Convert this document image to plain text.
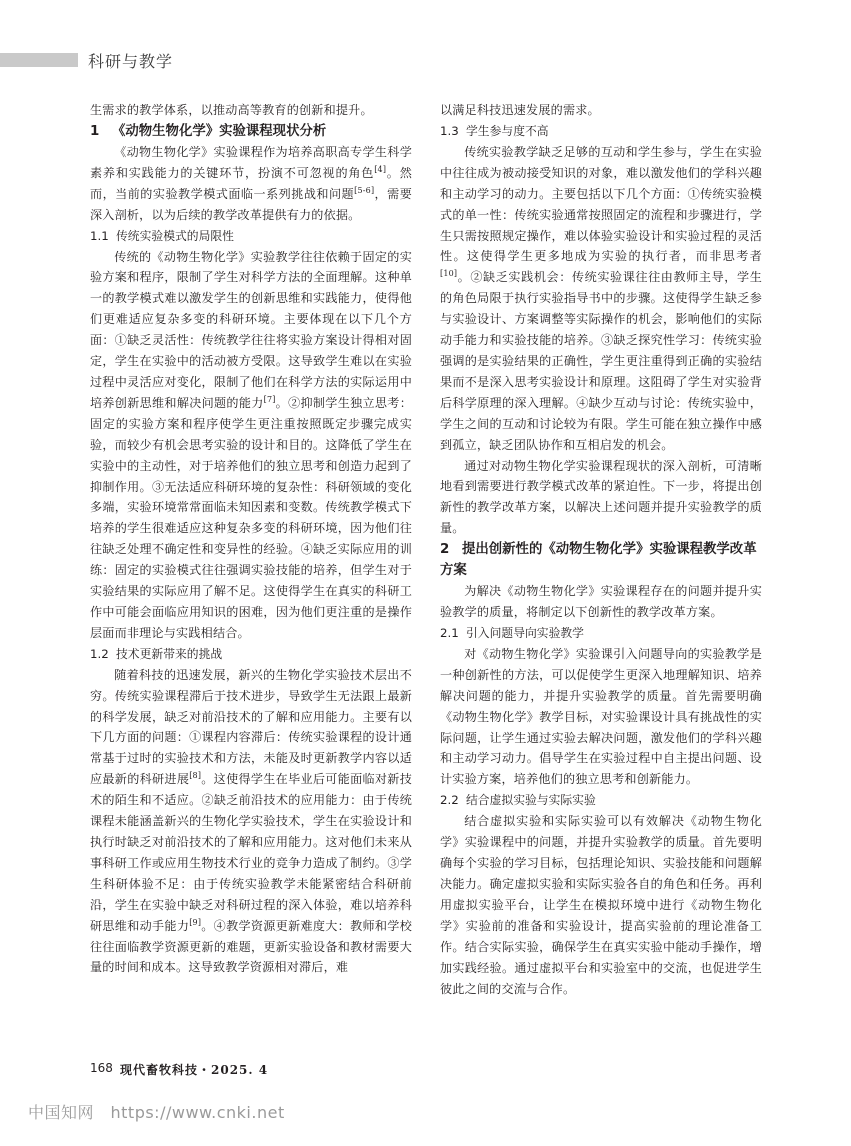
科研与教学

生需求的教学体系，以推动高等教育的创新和提升。

1 《动物生物化学》实验课程现状分析

《动物生物化学》实验课程作为培养高职高专学生科学素养和实践能力的关键环节，扮演不可忽视的角色[4]。然而，当前的实验教学模式面临一系列挑战和问题[5-6]，需要深入剖析，以为后续的教学改革提供有力的依据。

1.1 传统实验模式的局限性

传统的《动物生物化学》实验教学往往依赖于固定的实验方案和程序，限制了学生对科学方法的全面理解。这种单一的教学模式难以激发学生的创新思维和实践能力，使得他们更难适应复杂多变的科研环境。主要体现在以下几个方面：①缺乏灵活性：传统教学往往将实验方案设计得相对固定，学生在实验中的活动被方受限。这导致学生难以在实验过程中灵活应对变化，限制了他们在科学方法的实际运用中培养创新思维和解决问题的能力[7]。②抑制学生独立思考：固定的实验方案和程序使学生更注重按照既定步骤完成实验，而较少有机会思考实验的设计和目的。这降低了学生在实验中的主动性，对于培养他们的独立思考和创造力起到了抑制作用。③无法适应科研环境的复杂性：科研领域的变化多端，实验环境常常面临未知因素和变数。传统教学模式下培养的学生很难适应这种复杂多变的科研环境，因为他们往往缺乏处理不确定性和变异性的经验。④缺乏实际应用的训练：固定的实验模式往往强调实验技能的培养，但学生对于实验结果的实际应用了解不足。这使得学生在真实的科研工作中可能会面临应用知识的困难，因为他们更注重的是操作层面而非理论与实践相结合。

1.2 技术更新带来的挑战

随着科技的迅速发展，新兴的生物化学实验技术层出不穷。传统实验课程滞后于技术进步，导致学生无法跟上最新的科学发展，缺乏对前沿技术的了解和应用能力。主要有以下几方面的问题：①课程内容滞后：传统实验课程的设计通常基于过时的实验技术和方法，未能及时更新教学内容以适应最新的科研进展[8]。这使得学生在毕业后可能面临对新技术的陌生和不适应。②缺乏前沿技术的应用能力：由于传统课程未能涵盖新兴的生物化学实验技术，学生在实验设计和执行时缺乏对前沿技术的了解和应用能力。这对他们未来从事科研工作或应用生物技术行业的竞争力造成了制约。③学生科研体验不足：由于传统实验教学未能紧密结合科研前沿，学生在实验中缺乏对科研过程的深入体验，难以培养科研思维和动手能力[9]。④教学资源更新难度大：教师和学校往往面临教学资源更新的难题，更新实验设备和教材需要大量的时间和成本。这导致教学资源相对滞后，难

以满足科技迅速发展的需求。

1.3 学生参与度不高

传统实验教学缺乏足够的互动和学生参与，学生在实验中往往成为被动接受知识的对象，难以激发他们的学科兴趣和主动学习的动力。主要包括以下几个方面：①传统实验模式的单一性：传统实验通常按照固定的流程和步骤进行，学生只需按照规定操作，难以体验实验设计和实验过程的灵活性。这使得学生更多地成为实验的执行者，而非思考者[10]。②缺乏实践机会：传统实验课往往由教师主导，学生的角色局限于执行实验指导书中的步骤。这使得学生缺乏参与实验设计、方案调整等实际操作的机会，影响他们的实际动手能力和实验技能的培养。③缺乏探究性学习：传统实验强调的是实验结果的正确性，学生更注重得到正确的实验结果而不是深入思考实验设计和原理。这阻碍了学生对实验背后科学原理的深入理解。④缺少互动与讨论：传统实验中，学生之间的互动和讨论较为有限。学生可能在独立操作中感到孤立，缺乏团队协作和互相启发的机会。

通过对动物生物化学实验课程现状的深入剖析，可清晰地看到需要进行教学模式改革的紧迫性。下一步，将提出创新性的教学改革方案，以解决上述问题并提升实验教学的质量。

2 提出创新性的《动物生物化学》实验课程教学改革方案

为解决《动物生物化学》实验课程存在的问题并提升实验教学的质量，将制定以下创新性的教学改革方案。

2.1 引入问题导向实验教学

对《动物生物化学》实验课引入问题导向的实验教学是一种创新性的方法，可以促使学生更深入地理解知识、培养解决问题的能力，并提升实验教学的质量。首先需要明确《动物生物化学》教学目标，对实验课设计具有挑战性的实际问题，让学生通过实验去解决问题，激发他们的学科兴趣和主动学习动力。倡导学生在实验过程中自主提出问题、设计实验方案，培养他们的独立思考和创新能力。

2.2 结合虚拟实验与实际实验

结合虚拟实验和实际实验可以有效解决《动物生物化学》实验课程中的问题，并提升实验教学的质量。首先要明确每个实验的学习目标，包括理论知识、实验技能和问题解决能力。确定虚拟实验和实际实验各自的角色和任务。再利用虚拟实验平台，让学生在模拟环境中进行《动物生物化学》实验前的准备和实验设计，提高实验前的理论准备工作。结合实际实验，确保学生在真实实验中能动手操作，增加实践经验。通过虚拟平台和实验室中的交流，也促进学生彼此之间的交流与合作。

168 现代畜牧科技・2025. 4
中国知网　https://www.cnki.net
